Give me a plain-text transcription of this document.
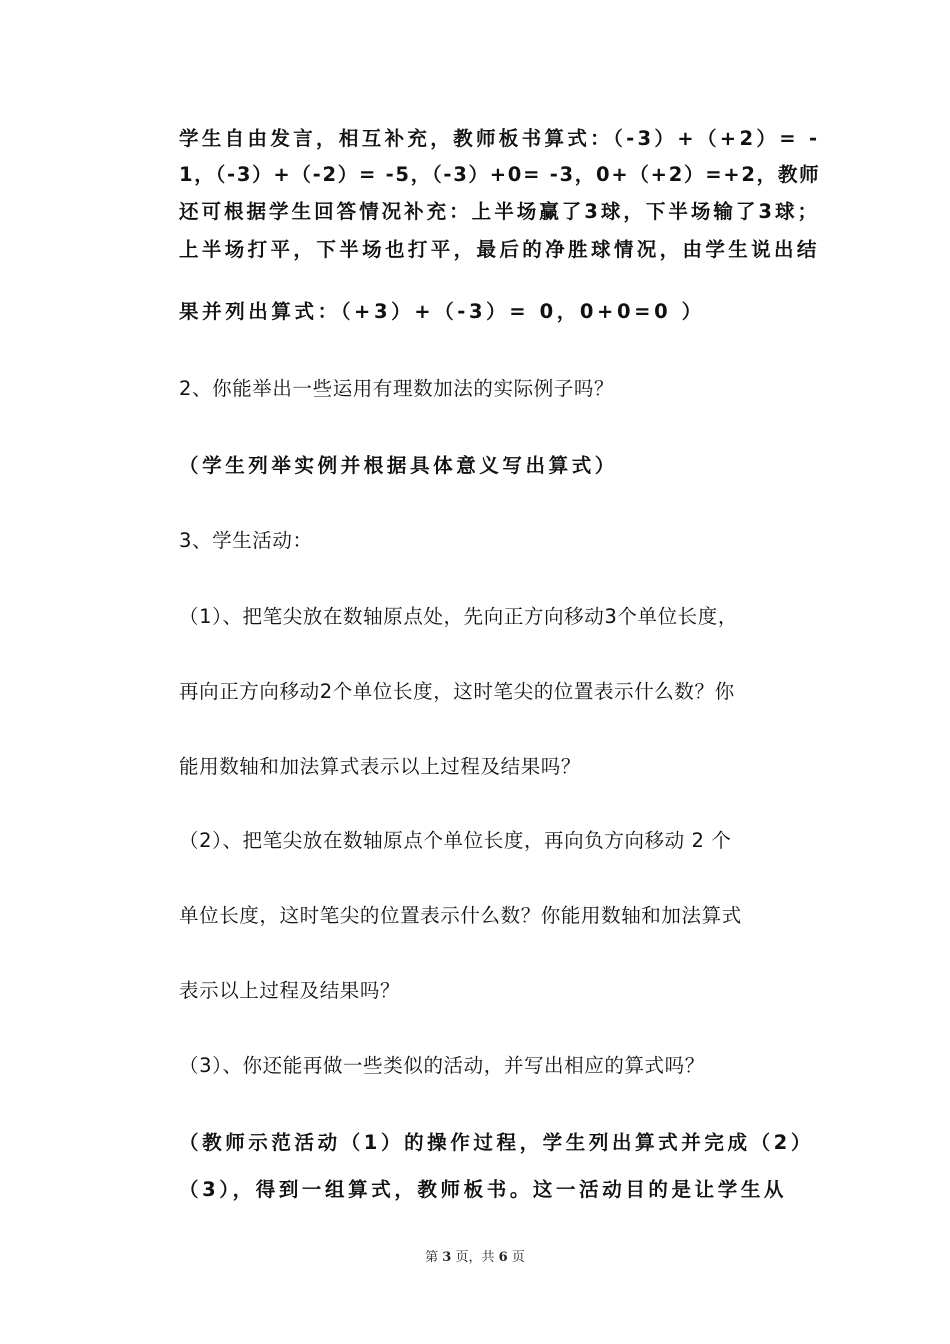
学生自由发言，相互补充，教师板书算式：（-3）+（+2）= -
1，（-3）+（-2）= -5，（-3）+0= -3，0+（+2）=+2，教师
还可根据学生回答情况补充：上半场赢了3球，下半场输了3球；
上半场打平，下半场也打平，最后的净胜球情况，由学生说出结
果并列出算式：（+3）+（-3）= 0，0+0=0 ）
2、你能举出一些运用有理数加法的实际例子吗？
（学生列举实例并根据具体意义写出算式）
3、学生活动：
（1）、把笔尖放在数轴原点处，先向正方向移动3个单位长度，
再向正方向移动2个单位长度，这时笔尖的位置表示什么数？你
能用数轴和加法算式表示以上过程及结果吗？
（2）、把笔尖放在数轴原点个单位长度，再向负方向移动 2 个
单位长度，这时笔尖的位置表示什么数？你能用数轴和加法算式
表示以上过程及结果吗？
（3）、你还能再做一些类似的活动，并写出相应的算式吗？
（教师示范活动（1）的操作过程，学生列出算式并完成（2）
（3），得到一组算式，教师板书。这一活动目的是让学生从
第 3 页，共 6 页
